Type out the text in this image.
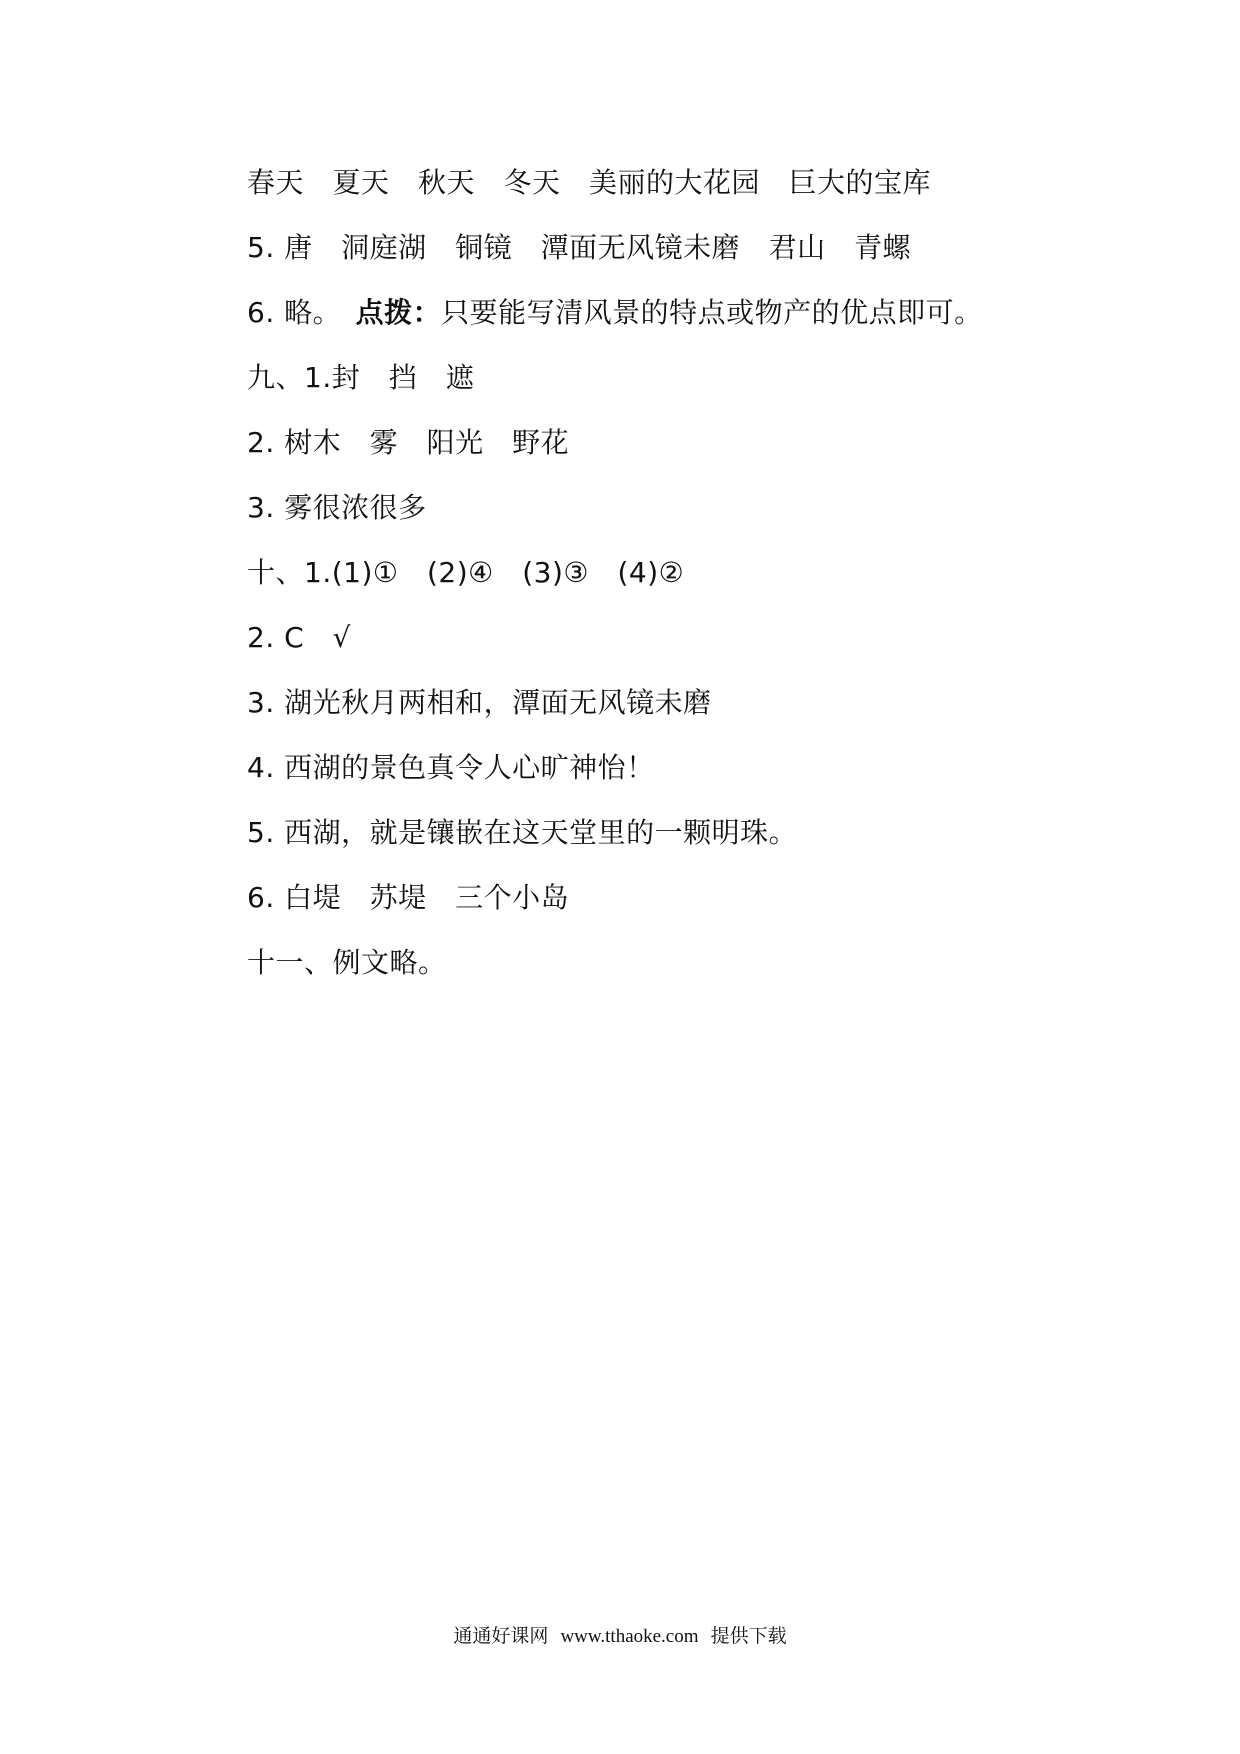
春天　夏天　秋天　冬天　美丽的大花园　巨大的宝库
5. 唐　洞庭湖　铜镜　潭面无风镜未磨　君山　青螺
6. 略。　点拨：只要能写清风景的特点或物产的优点即可。
九、1.封　挡　遮
2. 树木　雾　阳光　野花
3. 雾很浓很多
十、1.(1)①　(2)④　(3)③　(4)②
2. C　√
3. 湖光秋月两相和，潭面无风镜未磨
4. 西湖的景色真令人心旷神怡！
5. 西湖，就是镶嵌在这天堂里的一颗明珠。
6. 白堤　苏堤　三个小岛
十一、例文略。
通通好课网 www.tthaoke.com 提供下载
